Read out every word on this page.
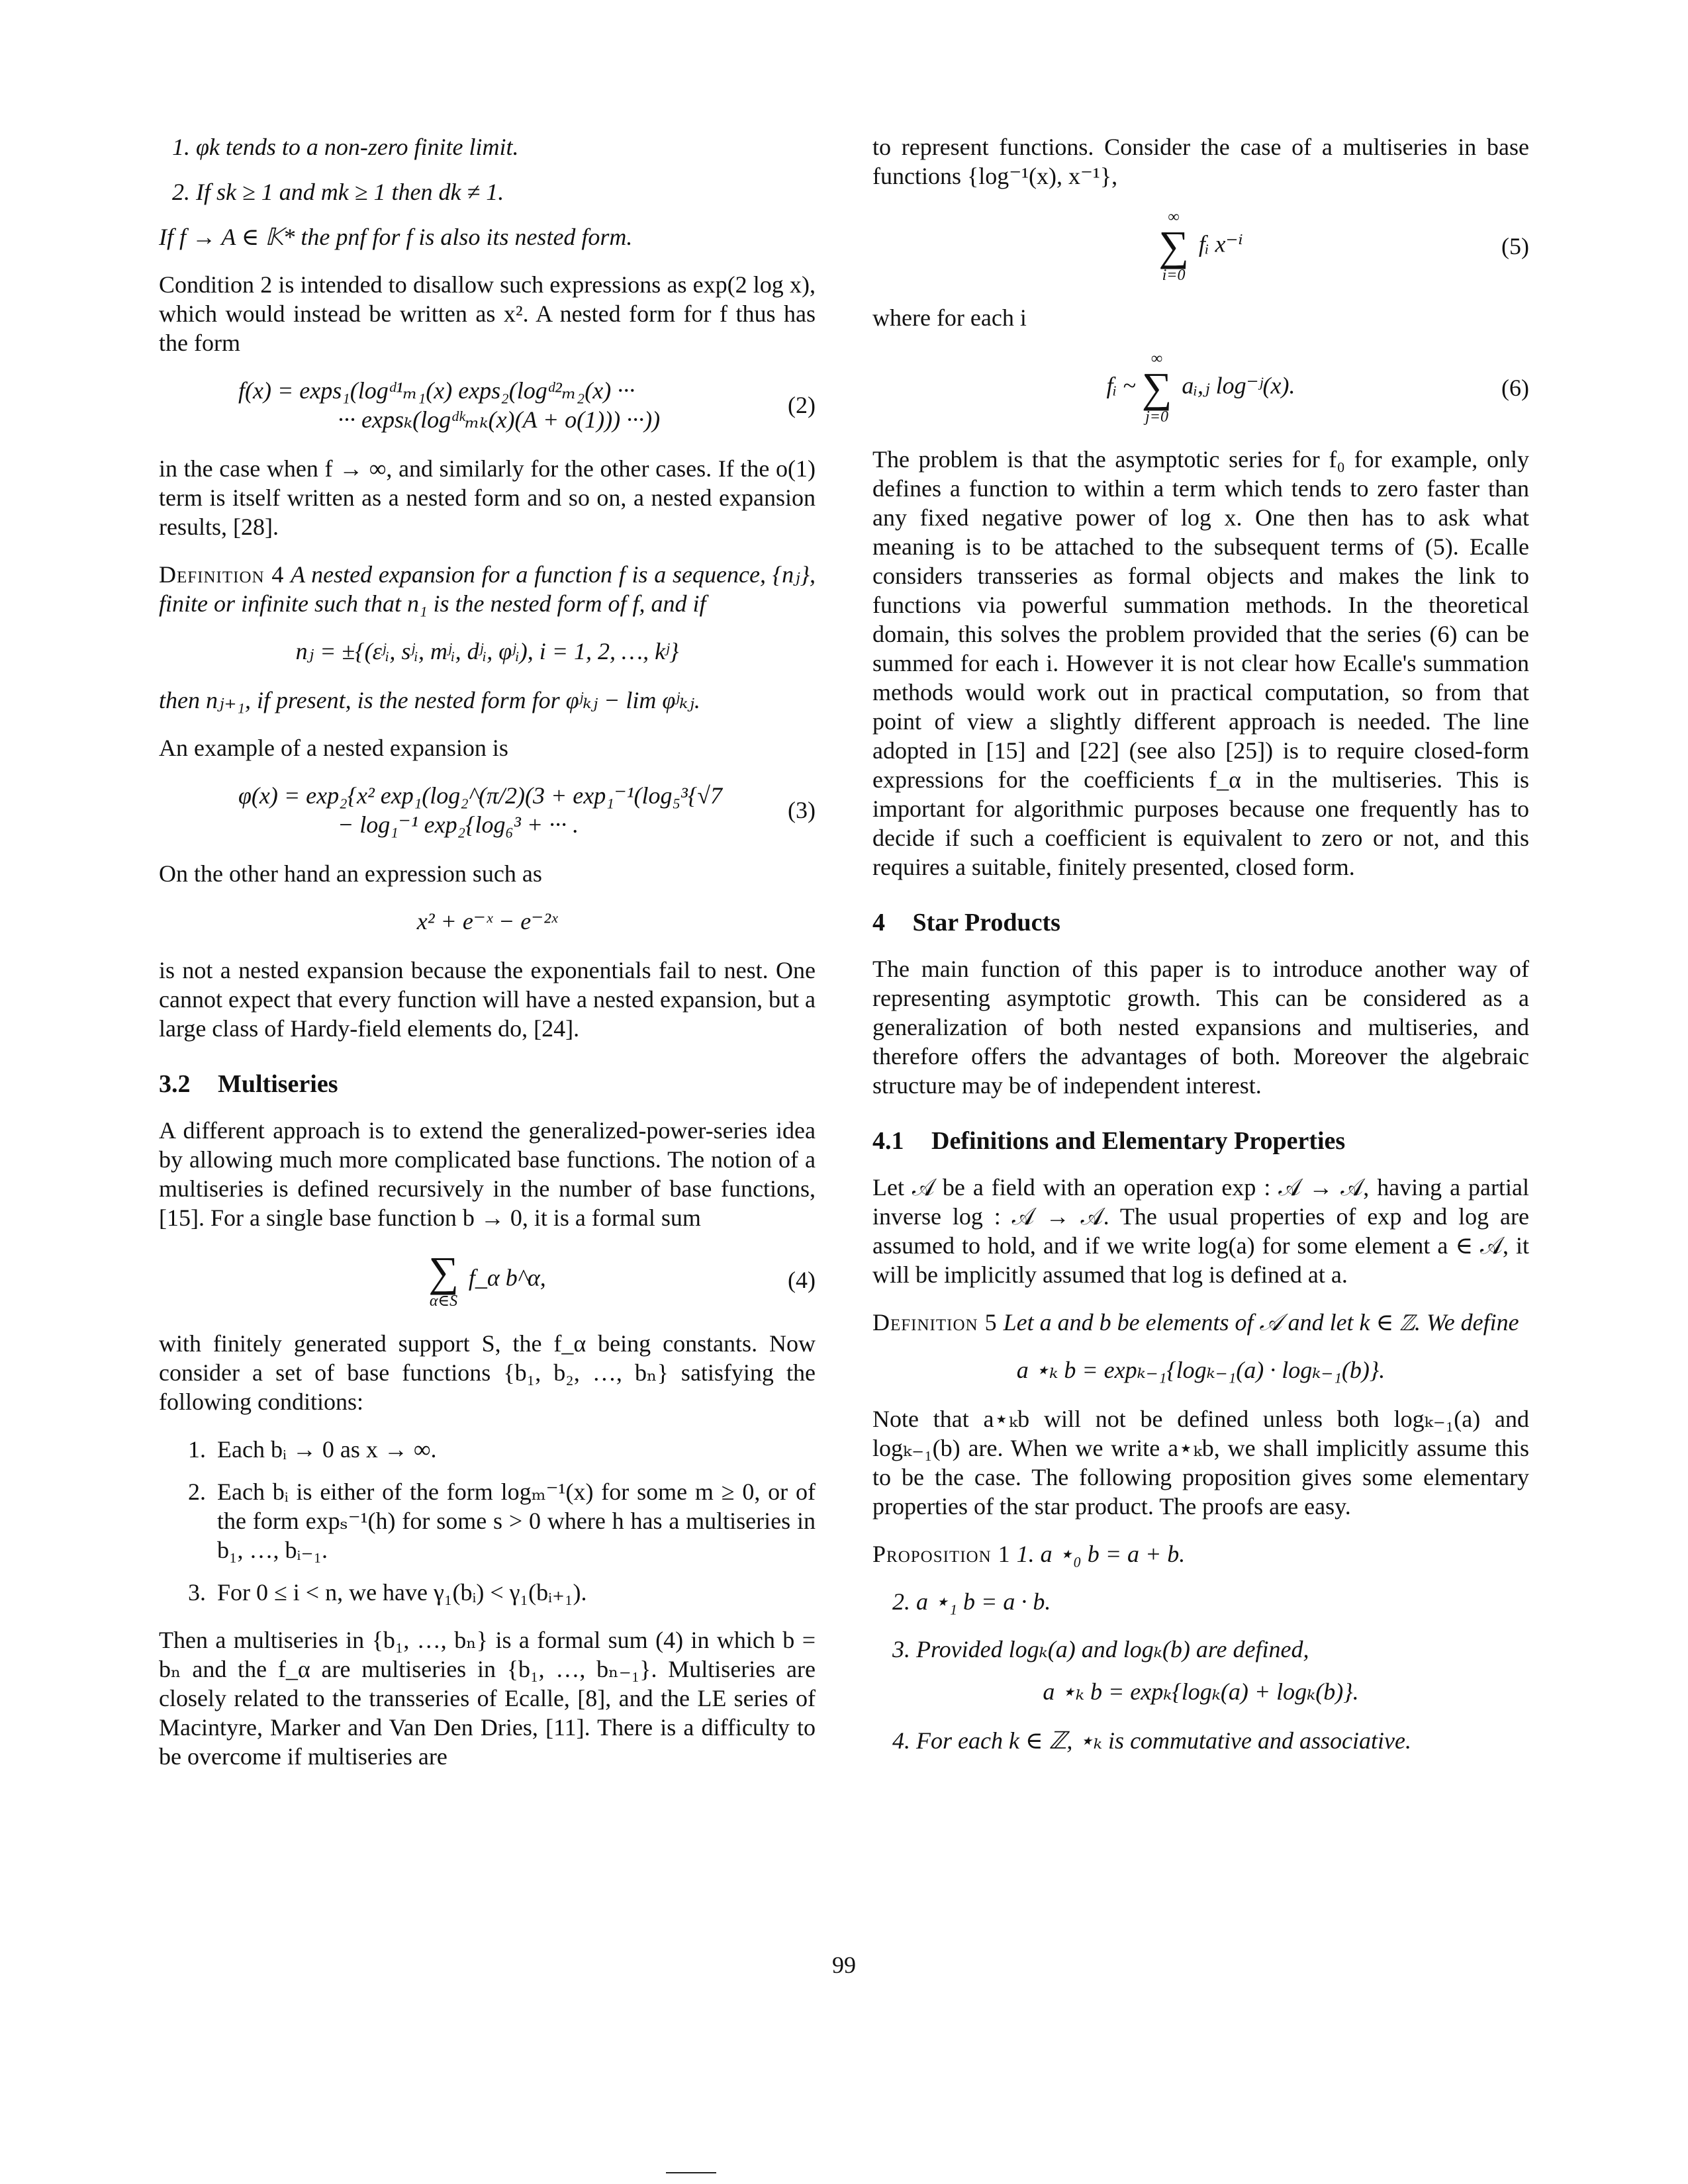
1. φk tends to a non-zero finite limit.

2. If sk ≥ 1 and mk ≥ 1 then dk ≠ 1.

If f → A ∈ 𝕂* the pnf for f is also its nested form.

Condition 2 is intended to disallow such expressions as exp(2 log x), which would instead be written as x². A nested form for f thus has the form

f(x) = exps₁(logᵈ¹ₘ₁(x) exps₂(logᵈ²ₘ₂(x) ···
··· expsₖ(logᵈᵏₘₖ(x)(A + o(1))) ···))
(2)

in the case when f → ∞, and similarly for the other cases. If the o(1) term is itself written as a nested form and so on, a nested expansion results, [28].

Definition 4 A nested expansion for a function f is a sequence, {nⱼ}, finite or infinite such that n₁ is the nested form of f, and if

nⱼ = ±{(εʲᵢ, sʲᵢ, mʲᵢ, dʲᵢ, φʲᵢ), i = 1, 2, …, kʲ}

then nⱼ₊₁, if present, is the nested form for φʲₖⱼ − lim φʲₖⱼ.

An example of a nested expansion is

φ(x) = exp₂{x² exp₁(log₂^(π/2)(3 + exp₁⁻¹(log₅³{√7
− log₁⁻¹ exp₂{log₆³ + ··· .
(3)

On the other hand an expression such as

x² + e⁻ˣ − e⁻²ˣ

is not a nested expansion because the exponentials fail to nest. One cannot expect that every function will have a nested expansion, but a large class of Hardy-field elements do, [24].

3.2 Multiseries

A different approach is to extend the generalized-power-series idea by allowing much more complicated base functions. The notion of a multiseries is defined recursively in the number of base functions, [15]. For a single base function b → 0, it is a formal sum

∑
α∈S
f_α b^α,	(4)

with finitely generated support S, the f_α being constants. Now consider a set of base functions {b₁, b₂, …, bₙ} satisfying the following conditions:

1. Each bᵢ → 0 as x → ∞.
2. Each bᵢ is either of the form logₘ⁻¹(x) for some m ≥ 0, or of the form expₛ⁻¹(h) for some s > 0 where h has a multiseries in b₁, …, bᵢ₋₁.
3. For 0 ≤ i < n, we have γ₁(bᵢ) < γ₁(bᵢ₊₁).

Then a multiseries in {b₁, …, bₙ} is a formal sum (4) in which b = bₙ and the f_α are multiseries in {b₁, …, bₙ₋₁}. Multiseries are closely related to the transseries of Ecalle, [8], and the LE series of Macintyre, Marker and Van Den Dries, [11]. There is a difficulty to be overcome if multiseries are

to represent functions. Consider the case of a multiseries in base functions {log⁻¹(x), x⁻¹},

∞
∑
i=0
fᵢ x⁻ⁱ	(5)

where for each i

fᵢ ~
∞
∑
j=0
aᵢ,ⱼ log⁻ʲ(x).	(6)

The problem is that the asymptotic series for f₀ for example, only defines a function to within a term which tends to zero faster than any fixed negative power of log x. One then has to ask what meaning is to be attached to the subsequent terms of (5). Ecalle considers transseries as formal objects and makes the link to functions via powerful summation methods. In the theoretical domain, this solves the problem provided that the series (6) can be summed for each i. However it is not clear how Ecalle's summation methods would work out in practical computation, so from that point of view a slightly different approach is needed. The line adopted in [15] and [22] (see also [25]) is to require closed-form expressions for the coefficients f_α in the multiseries. This is important for algorithmic purposes because one frequently has to decide if such a coefficient is equivalent to zero or not, and this requires a suitable, finitely presented, closed form.

4 Star Products

The main function of this paper is to introduce another way of representing asymptotic growth. This can be considered as a generalization of both nested expansions and multiseries, and therefore offers the advantages of both. Moreover the algebraic structure may be of independent interest.

4.1 Definitions and Elementary Properties

Let 𝒜 be a field with an operation exp : 𝒜 → 𝒜, having a partial inverse log : 𝒜 → 𝒜. The usual properties of exp and log are assumed to hold, and if we write log(a) for some element a ∈ 𝒜, it will be implicitly assumed that log is defined at a.

Definition 5 Let a and b be elements of 𝒜 and let k ∈ ℤ. We define

a ⋆ₖ b = expₖ₋₁{logₖ₋₁(a) · logₖ₋₁(b)}.

Note that a⋆ₖb will not be defined unless both logₖ₋₁(a) and logₖ₋₁(b) are. When we write a⋆ₖb, we shall implicitly assume this to be the case. The following proposition gives some elementary properties of the star product. The proofs are easy.

Proposition 1 1. a ⋆₀ b = a + b.

2. a ⋆₁ b = a · b.

3. Provided logₖ(a) and logₖ(b) are defined,

a ⋆ₖ b = expₖ{logₖ(a) + logₖ(b)}.

4. For each k ∈ ℤ, ⋆ₖ is commutative and associative.

99
